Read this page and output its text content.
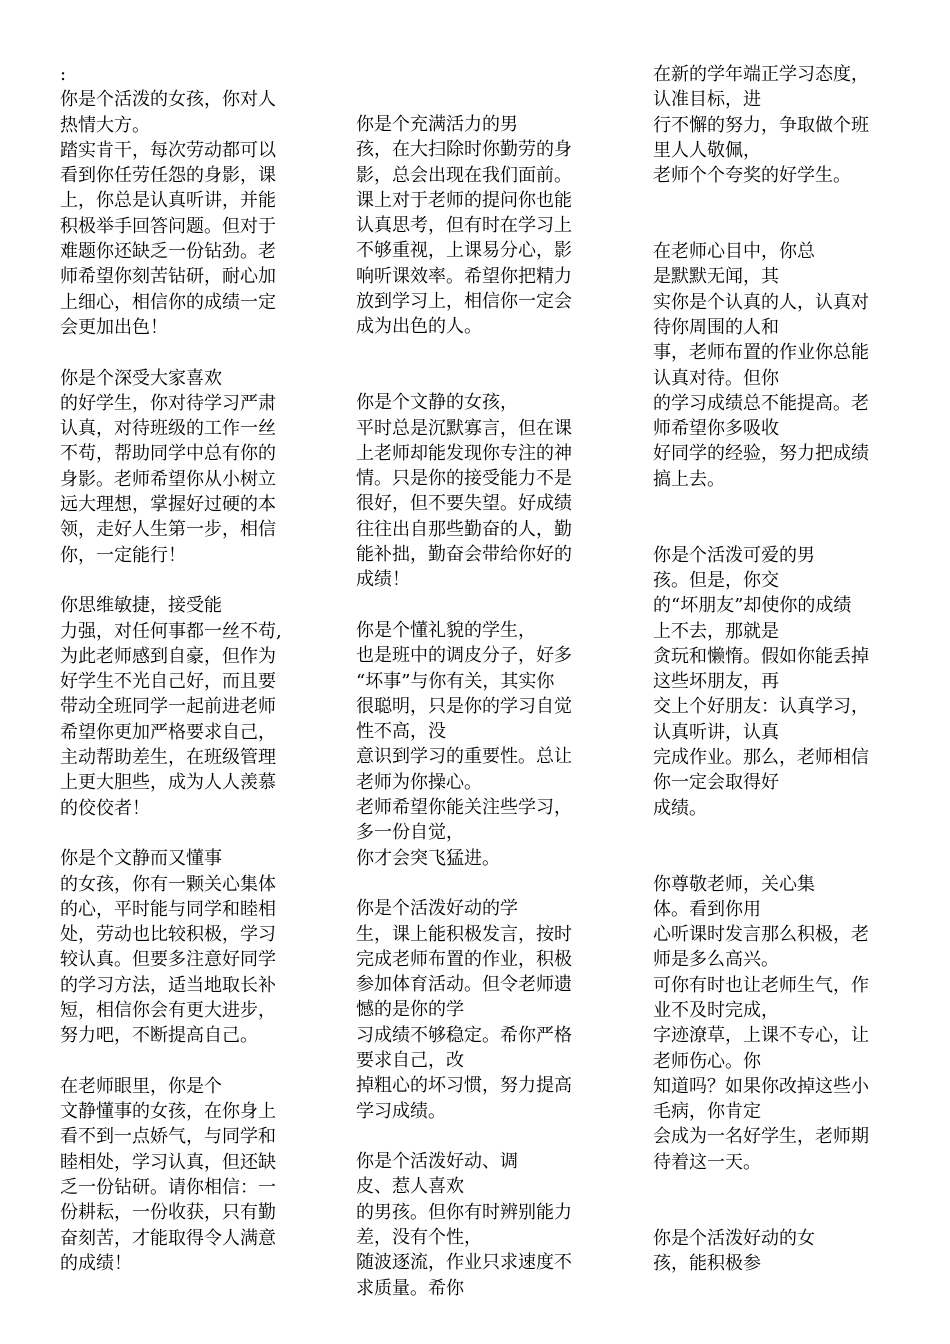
:
你是个活泼的女孩，你对人
热情大方。
踏实肯干，每次劳动都可以
看到你任劳任怨的身影，课
上，你总是认真听讲，并能
积极举手回答问题。但对于
难题你还缺乏一份钻劲。老
师希望你刻苦钻研，耐心加
上细心，相信你的成绩一定
会更加出色！
你是个深受大家喜欢
的好学生，你对待学习严肃
认真，对待班级的工作一丝
不苟，帮助同学中总有你的
身影。老师希望你从小树立
远大理想，掌握好过硬的本
领，走好人生第一步，相信
你，一定能行！
你思维敏捷，接受能
力强，对任何事都一丝不苟,
为此老师感到自豪，但作为
好学生不光自己好，而且要
带动全班同学一起前进老师
希望你更加严格要求自己，
主动帮助差生，在班级管理
上更大胆些，成为人人羡慕
的佼佼者！
你是个文静而又懂事
的女孩，你有一颗关心集体
的心，平时能与同学和睦相
处，劳动也比较积极，学习
较认真。但要多注意好同学
的学习方法，适当地取长补
短，相信你会有更大进步，
努力吧，不断提高自己。
在老师眼里，你是个
文静懂事的女孩，在你身上
看不到一点娇气，与同学和
睦相处，学习认真，但还缺
乏一份钻研。请你相信：一
份耕耘，一份收获，只有勤
奋刻苦，才能取得令人满意
的成绩！
你是个充满活力的男
孩，在大扫除时你勤劳的身
影，总会出现在我们面前。
课上对于老师的提问你也能
认真思考，但有时在学习上
不够重视，上课易分心，影
响听课效率。希望你把精力
放到学习上，相信你一定会
成为出色的人。
你是个文静的女孩，
平时总是沉默寡言，但在课
上老师却能发现你专注的神
情。只是你的接受能力不是
很好，但不要失望。好成绩
往往出自那些勤奋的人，勤
能补拙，勤奋会带给你好的
成绩！
你是个懂礼貌的学生，
也是班中的调皮分子，好多
“坏事”与你有关，其实你
很聪明，只是你的学习自觉
性不高，没
意识到学习的重要性。总让
老师为你操心。
老师希望你能关注些学习，
多一份自觉，
你才会突飞猛进。
你是个活泼好动的学
生，课上能积极发言，按时
完成老师布置的作业，积极
参加体育活动。但令老师遗
憾的是你的学
习成绩不够稳定。希你严格
要求自己，改
掉粗心的坏习惯，努力提高
学习成绩。
你是个活泼好动、调
皮、惹人喜欢
的男孩。但你有时辨别能力
差，没有个性，
随波逐流，作业只求速度不
求质量。希你
在新的学年端正学习态度，
认准目标，进
行不懈的努力，争取做个班
里人人敬佩，
老师个个夸奖的好学生。
在老师心目中，你总
是默默无闻，其
实你是个认真的人，认真对
待你周围的人和
事，老师布置的作业你总能
认真对待。但你
的学习成绩总不能提高。老
师希望你多吸收
好同学的经验，努力把成绩
搞上去。
你是个活泼可爱的男
孩。但是，你交
的“坏朋友”却使你的成绩
上不去，那就是
贪玩和懒惰。假如你能丢掉
这些坏朋友，再
交上个好朋友：认真学习，
认真听讲，认真
完成作业。那么，老师相信
你一定会取得好
成绩。
你尊敬老师，关心集
体。看到你用
心听课时发言那么积极，老
师是多么高兴。
可你有时也让老师生气，作
业不及时完成，
字迹潦草，上课不专心，让
老师伤心。你
知道吗？如果你改掉这些小
毛病，你肯定
会成为一名好学生，老师期
待着这一天。
你是个活泼好动的女
孩，能积极参
